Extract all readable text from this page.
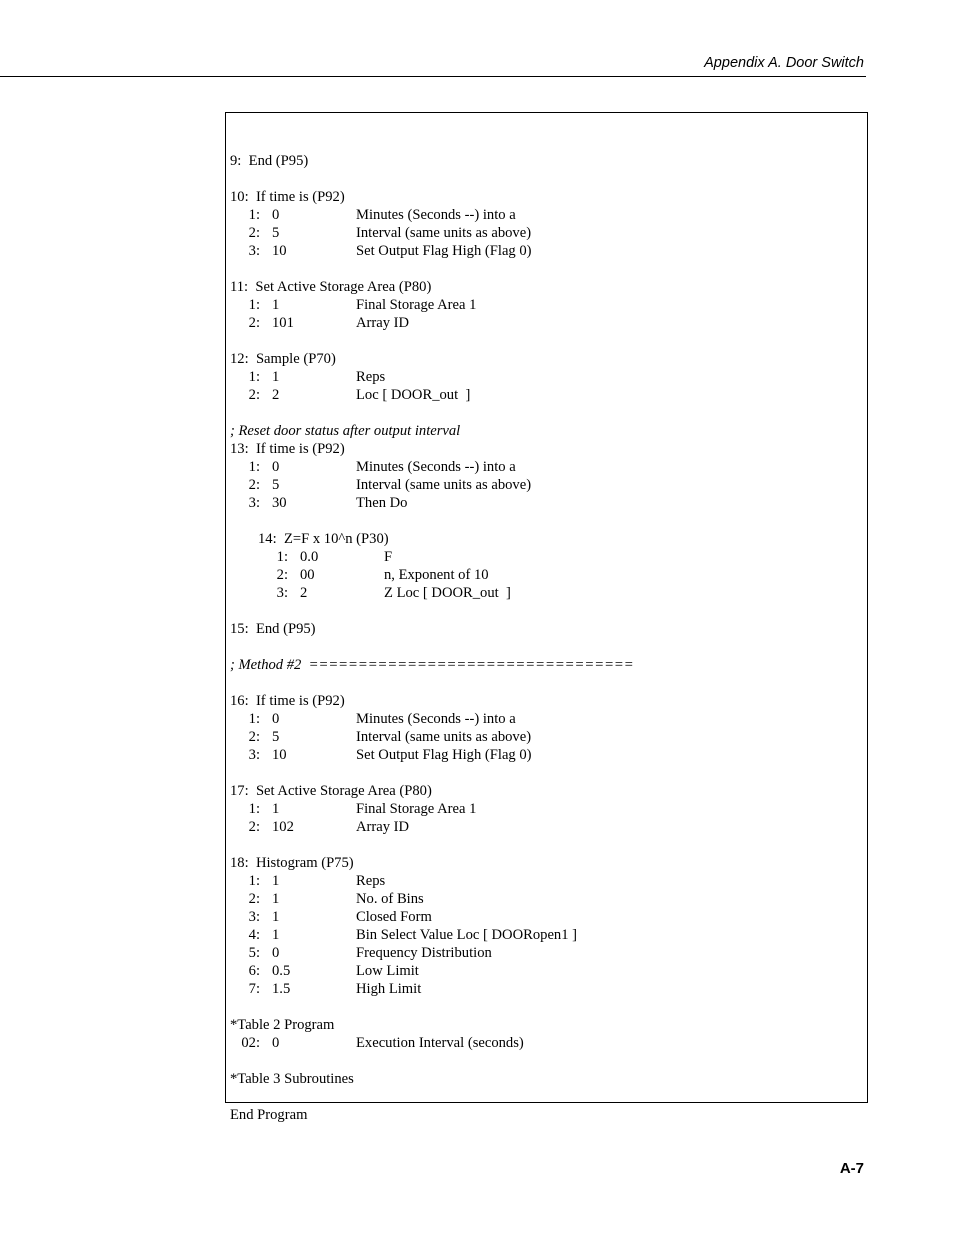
Appendix A. Door Switch
9:  End (P95)
10:  If time is (P92)
1: 0	Minutes (Seconds --) into a
2: 5	Interval (same units as above)
3: 10	Set Output Flag High (Flag 0)
11:  Set Active Storage Area (P80)
1: 1	Final Storage Area 1
2: 101	Array ID
12:  Sample (P70)
1: 1	Reps
2: 2	Loc [ DOOR_out  ]
; Reset door status after output interval
13:  If time is (P92)
1: 0	Minutes (Seconds --) into a
2: 5	Interval (same units as above)
3: 30	Then Do
14:  Z=F x 10^n (P30)
1: 0.0	F
2: 00	n, Exponent of 10
3: 2	Z Loc [ DOOR_out  ]
15:  End (P95)
; Method #2  =================================
16:  If time is (P92)
1: 0	Minutes (Seconds --) into a
2: 5	Interval (same units as above)
3: 10	Set Output Flag High (Flag 0)
17:  Set Active Storage Area (P80)
1: 1	Final Storage Area 1
2: 102	Array ID
18:  Histogram (P75)
1: 1	Reps
2: 1	No. of Bins
3: 1	Closed Form
4: 1	Bin Select Value Loc [ DOORopen1 ]
5: 0	Frequency Distribution
6: 0.5	Low Limit
7: 1.5	High Limit
*Table 2 Program
02: 0	Execution Interval (seconds)
*Table 3 Subroutines
End Program
A-7
